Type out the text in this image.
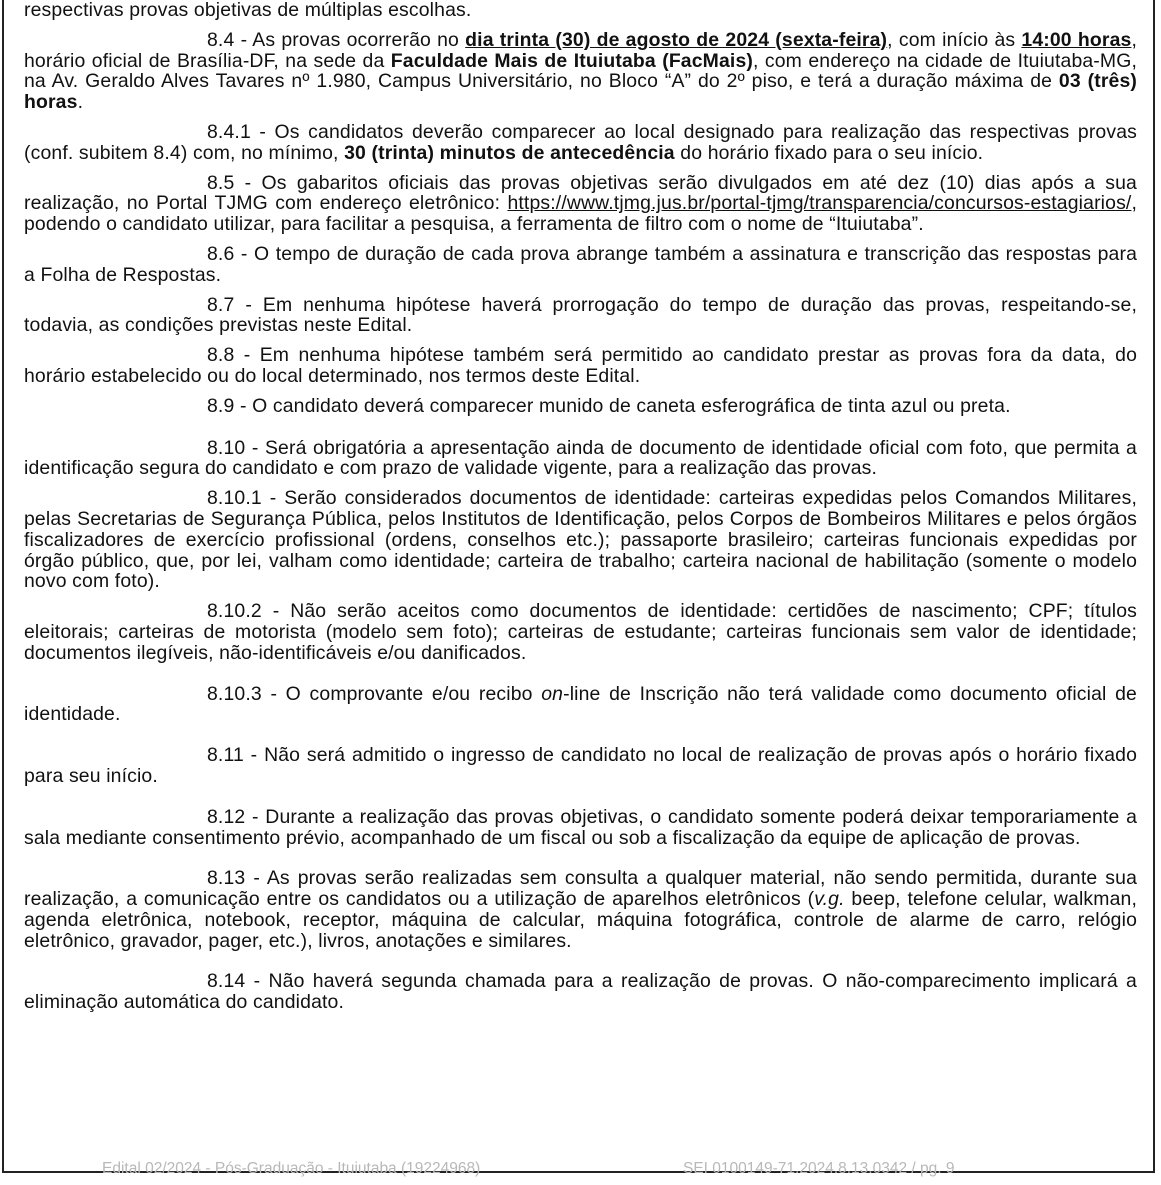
respectivas provas objetivas de múltiplas escolhas.

8.4 - As provas ocorrerão no dia trinta (30) de agosto de 2024 (sexta-feira), com início às 14:00 horas, horário oficial de Brasília-DF, na sede da Faculdade Mais de Ituiutaba (FacMais), com endereço na cidade de Ituiutaba-MG, na Av. Geraldo Alves Tavares nº 1.980, Campus Universitário, no Bloco “A” do 2º piso, e terá a duração máxima de 03 (três) horas.

8.4.1 - Os candidatos deverão comparecer ao local designado para realização das respectivas provas (conf. subitem 8.4) com, no mínimo, 30 (trinta) minutos de antecedência do horário fixado para o seu início.

8.5 - Os gabaritos oficiais das provas objetivas serão divulgados em até dez (10) dias após a sua realização, no Portal TJMG com endereço eletrônico: https://www.tjmg.jus.br/portal-tjmg/transparencia/concursos-estagiarios/, podendo o candidato utilizar, para facilitar a pesquisa, a ferramenta de filtro com o nome de “Ituiutaba”.

8.6 - O tempo de duração de cada prova abrange também a assinatura e transcrição das respostas para a Folha de Respostas.

8.7 - Em nenhuma hipótese haverá prorrogação do tempo de duração das provas, respeitando-se, todavia, as condições previstas neste Edital.

8.8 - Em nenhuma hipótese também será permitido ao candidato prestar as provas fora da data, do horário estabelecido ou do local determinado, nos termos deste Edital.

8.9 - O candidato deverá comparecer munido de caneta esferográfica de tinta azul ou preta.

8.10 - Será obrigatória a apresentação ainda de documento de identidade oficial com foto, que permita a identificação segura do candidato e com prazo de validade vigente, para a realização das provas.

8.10.1 - Serão considerados documentos de identidade: carteiras expedidas pelos Comandos Militares, pelas Secretarias de Segurança Pública, pelos Institutos de Identificação, pelos Corpos de Bombeiros Militares e pelos órgãos fiscalizadores de exercício profissional (ordens, conselhos etc.); passaporte brasileiro; carteiras funcionais expedidas por órgão público, que, por lei, valham como identidade; carteira de trabalho; carteira nacional de habilitação (somente o modelo novo com foto).

8.10.2 - Não serão aceitos como documentos de identidade: certidões de nascimento; CPF; títulos eleitorais; carteiras de motorista (modelo sem foto); carteiras de estudante; carteiras funcionais sem valor de identidade; documentos ilegíveis, não-identificáveis e/ou danificados.

8.10.3 - O comprovante e/ou recibo on-line de Inscrição não terá validade como documento oficial de identidade.

8.11 - Não será admitido o ingresso de candidato no local de realização de provas após o horário fixado para seu início.

8.12 - Durante a realização das provas objetivas, o candidato somente poderá deixar temporariamente a sala mediante consentimento prévio, acompanhado de um fiscal ou sob a fiscalização da equipe de aplicação de provas.

8.13 - As provas serão realizadas sem consulta a qualquer material, não sendo permitida, durante sua realização, a comunicação entre os candidatos ou a utilização de aparelhos eletrônicos (v.g. beep, telefone celular, walkman, agenda eletrônica, notebook, receptor, máquina de calcular, máquina fotográfica, controle de alarme de carro, relógio eletrônico, gravador, pager, etc.), livros, anotações e similares.

8.14 - Não haverá segunda chamada para a realização de provas. O não-comparecimento implicará a eliminação automática do candidato.

Edital 02/2024 - Pós-Graduação - Ituiutaba (19224968)	SEI 0100149-71.2024.8.13.0342 / pg. 9
